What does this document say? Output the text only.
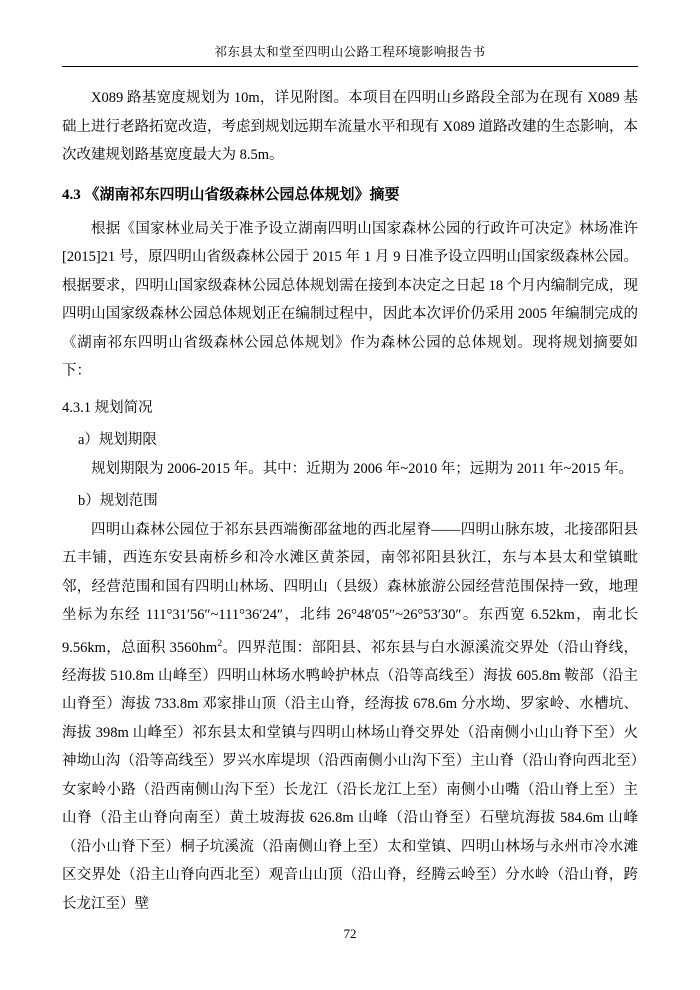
祁东县太和堂至四明山公路工程环境影响报告书

X089 路基宽度规划为 10m，详见附图。本项目在四明山乡路段全部为在现有 X089 基础上进行老路拓宽改造，考虑到规划远期车流量水平和现有 X089 道路改建的生态影响，本次改建规划路基宽度最大为 8.5m。

4.3 《湖南祁东四明山省级森林公园总体规划》摘要

根据《国家林业局关于准予设立湖南四明山国家森林公园的行政许可决定》林场准许[2015]21 号，原四明山省级森林公园于 2015 年 1 月 9 日准予设立四明山国家级森林公园。根据要求，四明山国家级森林公园总体规划需在接到本决定之日起 18 个月内编制完成，现四明山国家级森林公园总体规划正在编制过程中，因此本次评价仍采用 2005 年编制完成的《湖南祁东四明山省级森林公园总体规划》作为森林公园的总体规划。现将规划摘要如下：

4.3.1 规划简况

a）规划期限

规划期限为 2006-2015 年。其中：近期为 2006 年~2010 年；远期为 2011 年~2015 年。

b）规划范围

四明山森林公园位于祁东县西端衡邵盆地的西北屋脊——四明山脉东坡，北接邵阳县五丰铺，西连东安县南桥乡和冷水滩区黄茶园，南邻祁阳县狄江，东与本县太和堂镇毗邻，经营范围和国有四明山林场、四明山（县级）森林旅游公园经营范围保持一致，地理坐标为东经 111°31′56″~111°36′24″，北纬 26°48′05″~26°53′30″。东西宽 6.52km，南北长 9.56km，总面积 $3560hm^2$。四界范围：部阳县、祁东县与白水源溪流交界处（沿山脊线，经海拔 510.8m 山峰至）四明山林场水鸭岭护林点（沿等高线至）海拔 605.8m 鞍部（沿主山脊至）海拔 733.8m 邓家排山顶（沿主山脊，经海拔 678.6m 分水坳、罗家岭、水槽坑、海拔 398m 山峰至）祁东县太和堂镇与四明山林场山脊交界处（沿南侧小山山脊下至）火神坳山沟（沿等高线至）罗兴水库堤坝（沿西南侧小山沟下至）主山脊（沿山脊向西北至）女家岭小路（沿西南侧山沟下至）长龙江（沿长龙江上至）南侧小山嘴（沿山脊上至）主山脊（沿主山脊向南至）黄土坡海拔 626.8m 山峰（沿山脊至）石壁坑海拔 584.6m 山峰（沿小山脊下至）桐子坑溪流（沿南侧山脊上至）太和堂镇、四明山林场与永州市冷水滩区交界处（沿主山脊向西北至）观音山山顶（沿山脊，经腾云岭至）分水岭（沿山脊，跨长龙江至）壁

72
